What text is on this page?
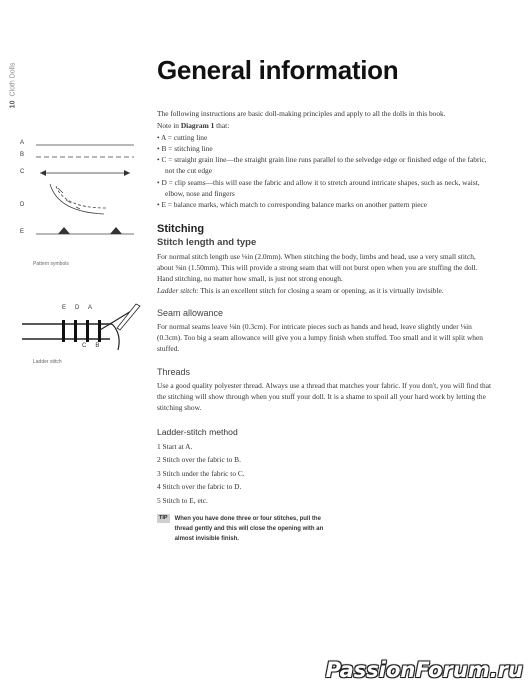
10Cloth Dolls	General information
A
B
C
D
E
Pattern symbols
E   D   A
C   B
Ladder stitch

The following instructions are basic doll-making principles and apply to all the dolls in this book.

Note in Diagram 1 that:

• A = cutting line
• B = stitching line
• C = straight grain line—the straight grain line runs parallel to the selvedge edge or finished edge of the fabric, not the cut edge
• D = clip seams—this will ease the fabric and allow it to stretch around intricate shapes, such as neck, waist, elbow, nose and fingers
• E = balance marks, which match to corresponding balance marks on another pattern piece
Stitching
Stitch length and type

For normal stitch length use ⅛in (2.0mm). When stitching the body, limbs and head, use a very small stitch, about ⅜in (1.50mm). This will provide a strong seam that will not burst open when you are stuffing the doll. Hand stitching, no matter how small, is just not strong enough.

Ladder stitch: This is an excellent stitch for closing a seam or opening, as it is virtually invisible.

Seam allowance

For normal seams leave ⅛in (0.3cm). For intricate pieces such as hands and head, leave slightly under ⅛in (0.3cm). Too big a seam allowance will give you a lumpy finish when stuffed. Too small and it will split when stuffed.

Threads

Use a good quality polyester thread. Always use a thread that matches your fabric. If you don't, you will find that the stitching will show through when you stuff your doll. It is a shame to spoil all your hard work by letting the stitching show.

Ladder-stitch method
1 Start at A.
2 Stitch over the fabric to B.
3 Stitch under the fabric to C.
4 Stitch over the fabric to D.
5 Stitch to E, etc.
TIP	When you have done three or four stitches, pull the thread gently and this will close the opening with an almost invisible finish.
PassionForum.ru
